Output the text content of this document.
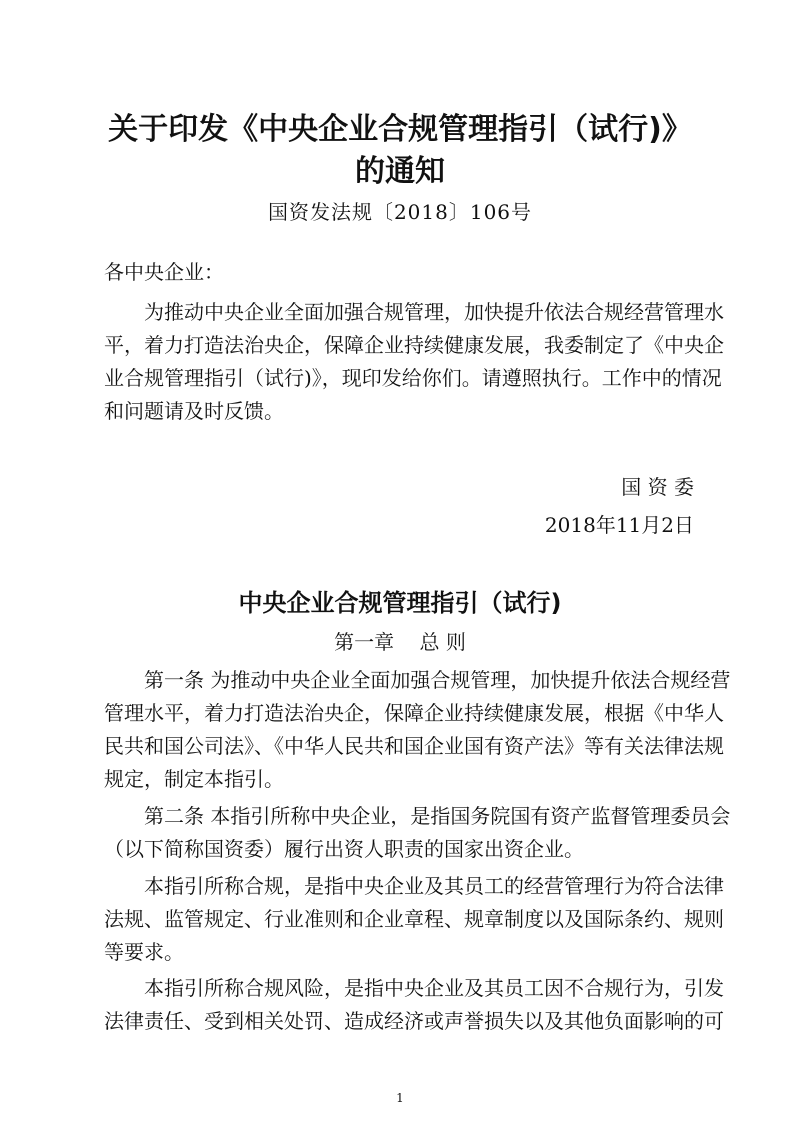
关于印发《中央企业合规管理指引（试行)》
的通知
国资发法规〔2018〕106号

各中央企业：

为推动中央企业全面加强合规管理，加快提升依法合规经营管理水
平，着力打造法治央企，保障企业持续健康发展，我委制定了《中央企
业合规管理指引（试行)》，现印发给你们。请遵照执行。工作中的情况
和问题请及时反馈。

国 资 委
2018年11月2日
中央企业合规管理指引（试行)
第一章    总 则

第一条 为推动中央企业全面加强合规管理，加快提升依法合规经营
管理水平，着力打造法治央企，保障企业持续健康发展，根据《中华人
民共和国公司法》、《中华人民共和国企业国有资产法》等有关法律法规
规定，制定本指引。

第二条 本指引所称中央企业，是指国务院国有资产监督管理委员会
（以下简称国资委）履行出资人职责的国家出资企业。

本指引所称合规，是指中央企业及其员工的经营管理行为符合法律
法规、监管规定、行业准则和企业章程、规章制度以及国际条约、规则
等要求。

本指引所称合规风险，是指中央企业及其员工因不合规行为，引发
法律责任、受到相关处罚、造成经济或声誉损失以及其他负面影响的可

1
